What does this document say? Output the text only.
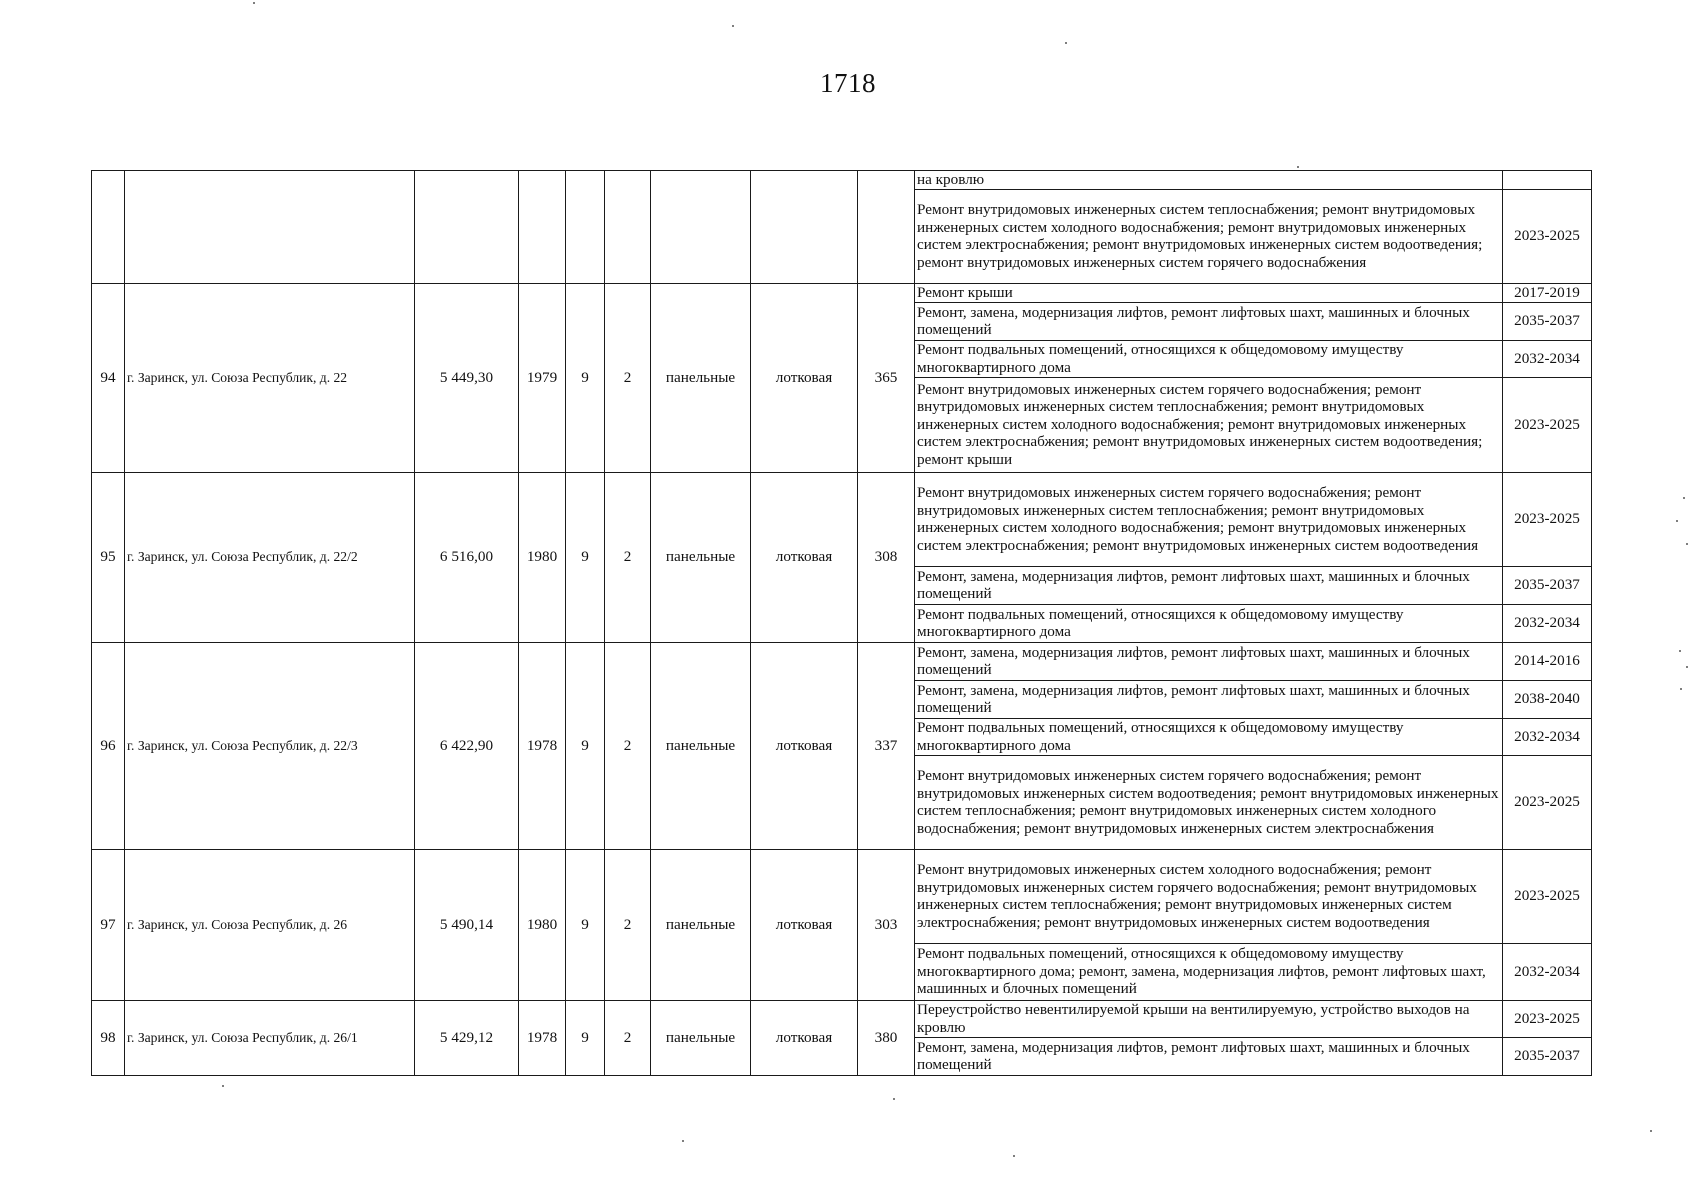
1718
									на кровлю	
									Ремонт внутридомовых инженерных систем теплоснабжения; ремонт внутридомовых инженерных систем холодного водоснабжения; ремонт внутридомовых инженерных систем электроснабжения; ремонт внутридомовых инженерных систем водоотведения; ремонт внутридомовых инженерных систем горячего водоснабжения	2023-2025
94	г. Заринск, ул. Союза Республик, д. 22	5 449,30	1979	9	2	панельные	лотковая	365	Ремонт крыши	2017-2019
									Ремонт, замена, модернизация лифтов, ремонт лифтовых шахт, машинных и блочных помещений	2035-2037
									Ремонт подвальных помещений, относящихся к общедомовому имуществу многоквартирного дома	2032-2034
									Ремонт внутридомовых инженерных систем горячего водоснабжения; ремонт внутридомовых инженерных систем теплоснабжения; ремонт внутридомовых инженерных систем холодного водоснабжения; ремонт внутридомовых инженерных систем электроснабжения; ремонт внутридомовых инженерных систем водоотведения; ремонт крыши	2023-2025
95	г. Заринск, ул. Союза Республик, д. 22/2	6 516,00	1980	9	2	панельные	лотковая	308	Ремонт внутридомовых инженерных систем горячего водоснабжения; ремонт внутридомовых инженерных систем теплоснабжения; ремонт внутридомовых инженерных систем холодного водоснабжения; ремонт внутридомовых инженерных систем электроснабжения; ремонт внутридомовых инженерных систем водоотведения	2023-2025
									Ремонт, замена, модернизация лифтов, ремонт лифтовых шахт, машинных и блочных помещений	2035-2037
									Ремонт подвальных помещений, относящихся к общедомовому имуществу многоквартирного дома	2032-2034
96	г. Заринск, ул. Союза Республик, д. 22/3	6 422,90	1978	9	2	панельные	лотковая	337	Ремонт, замена, модернизация лифтов, ремонт лифтовых шахт, машинных и блочных помещений	2014-2016
									Ремонт, замена, модернизация лифтов, ремонт лифтовых шахт, машинных и блочных помещений	2038-2040
									Ремонт подвальных помещений, относящихся к общедомовому имуществу многоквартирного дома	2032-2034
									Ремонт внутридомовых инженерных систем горячего водоснабжения; ремонт внутридомовых инженерных систем водоотведения; ремонт внутридомовых инженерных систем теплоснабжения; ремонт внутридомовых инженерных систем холодного водоснабжения; ремонт внутридомовых инженерных систем электроснабжения	2023-2025
97	г. Заринск, ул. Союза Республик, д. 26	5 490,14	1980	9	2	панельные	лотковая	303	Ремонт внутридомовых инженерных систем холодного водоснабжения; ремонт внутридомовых инженерных систем горячего водоснабжения; ремонт внутридомовых инженерных систем теплоснабжения; ремонт внутридомовых инженерных систем электроснабжения; ремонт внутридомовых инженерных систем водоотведения	2023-2025
									Ремонт подвальных помещений, относящихся к общедомовому имуществу многоквартирного дома; ремонт, замена, модернизация лифтов, ремонт лифтовых шахт, машинных и блочных помещений	2032-2034
98	г. Заринск, ул. Союза Республик, д. 26/1	5 429,12	1978	9	2	панельные	лотковая	380	Переустройство невентилируемой крыши на вентилируемую, устройство выходов на кровлю	2023-2025
									Ремонт, замена, модернизация лифтов, ремонт лифтовых шахт, машинных и блочных помещений	2035-2037
